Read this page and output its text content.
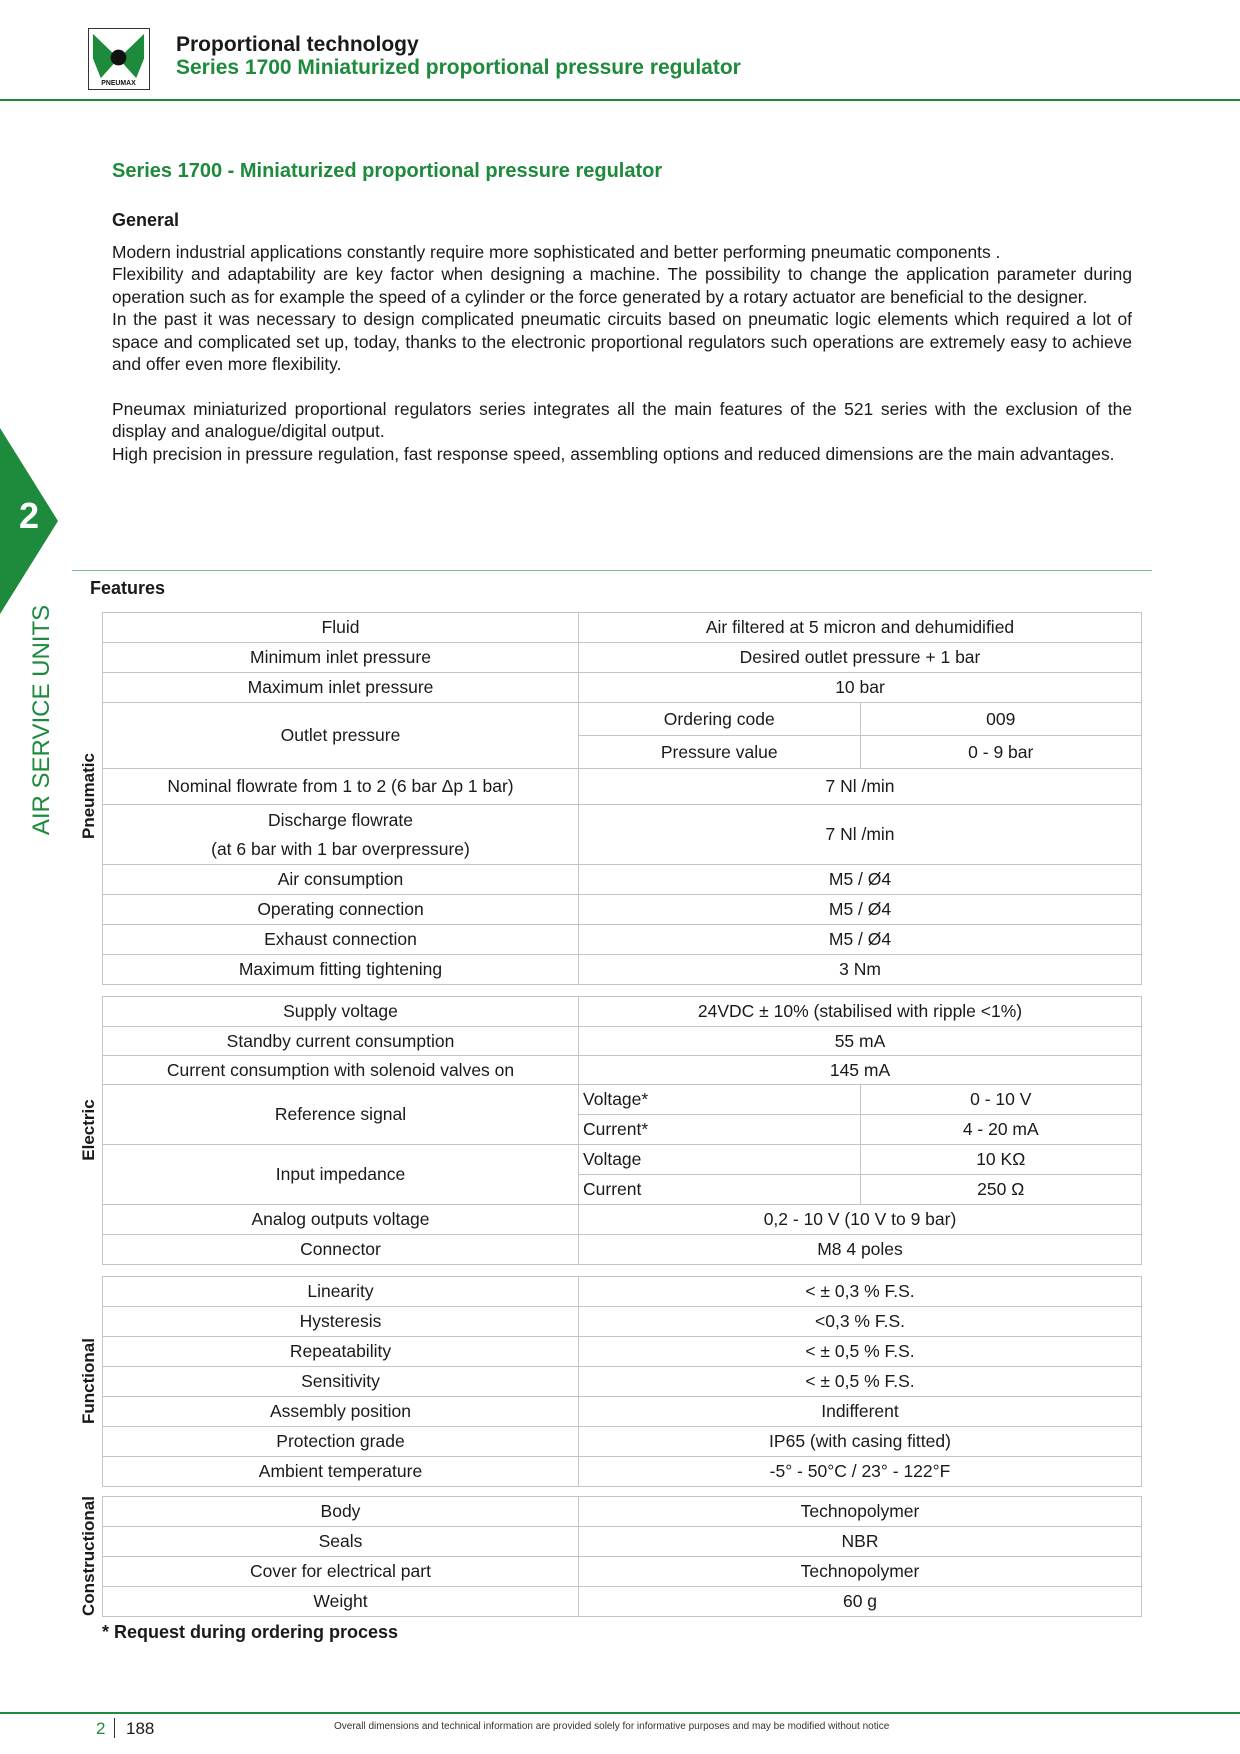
PNEUMAX
Proportional technology
Series 1700 Miniaturized proportional pressure regulator
2
AIR SERVICE UNITS
Series 1700 - Miniaturized proportional pressure regulator
General

Modern industrial applications constantly require more sophisticated and better performing pneumatic components .

Flexibility and adaptability are key factor when designing a machine. The possibility to change the application parameter during operation such as for example the speed of a cylinder or the force generated by a rotary actuator are beneficial to the designer.

In the past it was necessary to design complicated pneumatic circuits based on pneumatic logic elements which required a lot of space and complicated set up, today, thanks to the electronic proportional regulators such operations are extremely easy to achieve and offer even more flexibility.

Pneumax miniaturized proportional regulators series integrates all the main features of the 521 series with the exclusion of the display and analogue/digital output.

High precision in pressure regulation, fast response speed, assembling options and reduced dimensions are the main advantages.

Features
Pneumatic
Fluid	Air filtered at 5 micron and dehumidified	
Minimum inlet pressure	Desired outlet pressure + 1 bar	
Maximum inlet pressure	10 bar	
Outlet pressure	Ordering code	009
	Pressure value	0 - 9 bar
Nominal flowrate from 1 to 2 (6 bar Δp 1 bar)	7 Nl /min	
Discharge flowrate
(at 6 bar with 1 bar overpressure)	7 Nl /min	
Air consumption	M5 / Ø4	
Operating connection	M5 / Ø4	
Exhaust connection	M5 / Ø4	
Maximum fitting tightening	3 Nm	
Electric
Supply voltage	24VDC ± 10% (stabilised with ripple <1%)	
Standby current consumption	55 mA	
Current consumption with solenoid valves on	145 mA	
Reference signal	Voltage*	0 - 10 V
	Current*	4 - 20 mA
Input impedance	Voltage	10 KΩ
	Current	250 Ω
Analog outputs voltage	0,2 - 10 V (10 V to 9 bar)	
Connector	M8 4 poles	
Functional
Linearity	< ± 0,3 % F.S.
Hysteresis	<0,3 % F.S.
Repeatability	< ± 0,5 % F.S.
Sensitivity	< ± 0,5 % F.S.
Assembly position	Indifferent
Protection grade	IP65 (with casing fitted)
Ambient temperature	-5° - 50°C / 23° - 122°F
Constructional	Body	Technopolymer
Seals	NBR
Cover for electrical part	Technopolymer
Weight	60 g
* Request during ordering process
2 188	Overall dimensions and technical information are provided solely for informative purposes and may be modified without notice
